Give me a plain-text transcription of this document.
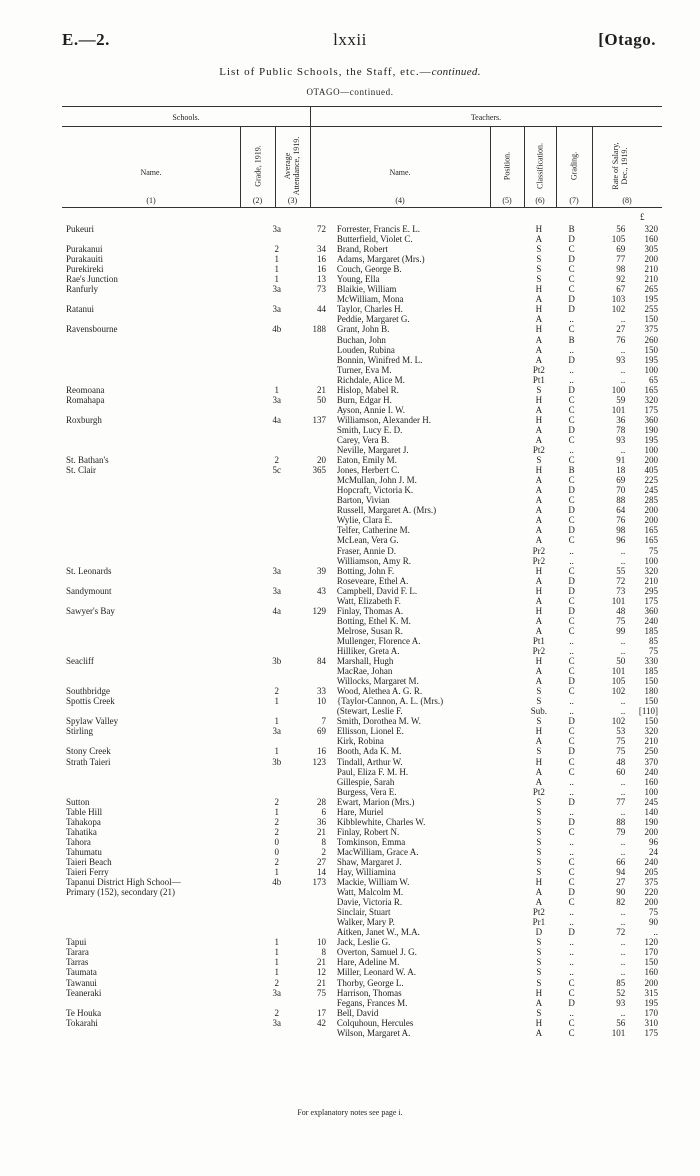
lxxii
E.—2.	[Otago.
List of Public Schools, the Staff, etc.—continued.
OTAGO—continued.
Schools.	Teachers.
Name.	Grade, 1919.	Average Attendance, 1919.	Name.	Position.	Classification.	Grading.	Rate of Salary, Dec., 1919.
(1)	(2)	(3)	(4)	(5)	(6)	(7)	(8)
£
Pukeuri	3a	72		Forrester, Francis E. L.	H	B	56	320
				Butterfield, Violet C.	A	D	105	160
Purakanui	2	34		Brand, Robert	S	C	69	305
Purakauiti	1	16		Adams, Margaret (Mrs.)	S	D	77	200
Purekireki	1	16		Couch, George B.	S	C	98	210
Rae's Junction	1	13		Young, Ella	S	C	92	210
Ranfurly	3a	73		Blaikie, William	H	C	67	265
				McWilliam, Mona	A	D	103	195
Ratanui	3a	44		Taylor, Charles H.	H	D	102	255
				Peddie, Margaret G.	A	..	..	150
Ravensbourne	4b	188		Grant, John B.	H	C	27	375
				Buchan, John	A	B	76	260
				Louden, Rubina	A	..	..	150
				Bonnin, Winifred M. L.	A	D	93	195
				Turner, Eva M.	Pt2	..	..	100
				Richdale, Alice M.	Pt1	..	..	65
Reomoana	1	21		Hislop, Mabel R.	S	D	100	165
Romahapa	3a	50		Burn, Edgar H.	H	C	59	320
				Ayson, Annie I. W.	A	C	101	175
Roxburgh	4a	137		Williamson, Alexander H.	H	C	36	360
				Smith, Lucy E. D.	A	D	78	190
				Carey, Vera B.	A	C	93	195
				Neville, Margaret J.	Pt2	..	..	100
St. Bathan's	2	20		Eaton, Emily M.	S	C	91	200
St. Clair	5c	365		Jones, Herbert C.	H	B	18	405
				McMullan, John J. M.	A	C	69	225
				Hopcraft, Victoria K.	A	D	70	245
				Barton, Vivian	A	C	88	285
				Russell, Margaret A. (Mrs.)	A	D	64	200
				Wylie, Clara E.	A	C	76	200
				Telfer, Catherine M.	A	D	98	165
				McLean, Vera G.	A	C	96	165
				Fraser, Annie D.	Pr2	..	..	75
				Williamson, Amy R.	Pr2	..	..	100
St. Leonards	3a	39		Botting, John F.	H	C	55	320
				Roseveare, Ethel A.	A	D	72	210
Sandymount	3a	43		Campbell, David F. L.	H	D	73	295
				Watt, Elizabeth F.	A	C	101	175
Sawyer's Bay	4a	129		Finlay, Thomas A.	H	D	48	360
				Botting, Ethel K. M.	A	C	75	240
				Melrose, Susan R.	A	C	99	185
				Mullenger, Florence A.	Pt1	..	..	85
				Hilliker, Greta A.	Pr2	..	..	75
Seacliff	3b	84		Marshall, Hugh	H	C	50	330
				MacRae, Johan	A	C	101	185
				Willocks, Margaret M.	A	D	105	150
Southbridge	2	33		Wood, Alethea A. G. R.	S	C	102	180
Spottis Creek	1	10		{Taylor-Cannon, A. L. (Mrs.)	S	..	..	150
				(Stewart, Leslie F.	Sub.	..	..	[110]
Spylaw Valley	1	7		Smith, Dorothea M. W.	S	D	102	150
Stirling	3a	69		Ellisson, Lionel E.	H	C	53	320
				Kirk, Robina	A	C	75	210
Stony Creek	1	16		Booth, Ada K. M.	S	D	75	250
Strath Taieri	3b	123		Tindall, Arthur W.	H	C	48	370
				Paul, Eliza F. M. H.	A	C	60	240
				Gillespie, Sarah	A	..	..	160
				Burgess, Vera E.	Pt2	..	..	100
Sutton	2	28		Ewart, Marion (Mrs.)	S	D	77	245
Table Hill	1	6		Hare, Muriel	S	..	..	140
Tahakopa	2	36		Kibblewhite, Charles W.	S	D	88	190
Tahatika	2	21		Finlay, Robert N.	S	C	79	200
Tahora	0	8		Tomkinson, Emma	S	..	..	96
Tahumatu	0	2		MacWilliam, Grace A.	S	..	..	24
Taieri Beach	2	27		Shaw, Margaret J.	S	C	66	240
Taieri Ferry	1	14		Hay, Williamina	S	C	94	205
Tapanui District High School—	4b	173		Mackie, William W.	H	C	27	375
Primary (152), secondary (21)				Watt, Malcolm M.	A	D	90	220
				Davie, Victoria R.	A	C	82	200
				Sinclair, Stuart	Pt2	..	..	75
				Walker, Mary P.	Pr1	..	..	90
				Aitken, Janet W., M.A.	D	D	72	..
Tapui	1	10		Jack, Leslie G.	S	..	..	120
Tarara	1	8		Overton, Samuel J. G.	S	..	..	170
Tarras	1	21		Hare, Adeline M.	S	..	..	150
Taumata	1	12		Miller, Leonard W. A.	S	..	..	160
Tawanui	2	21		Thorby, George L.	S	C	85	200
Teaneraki	3a	75		Harrison, Thomas	H	C	52	315
				Fegans, Frances M.	A	D	93	195
Te Houka	2	17		Bell, David	S	..	..	170
Tokarahi	3a	42		Colquhoun, Hercules	H	C	56	310
				Wilson, Margaret A.	A	C	101	175
For explanatory notes see page i.
